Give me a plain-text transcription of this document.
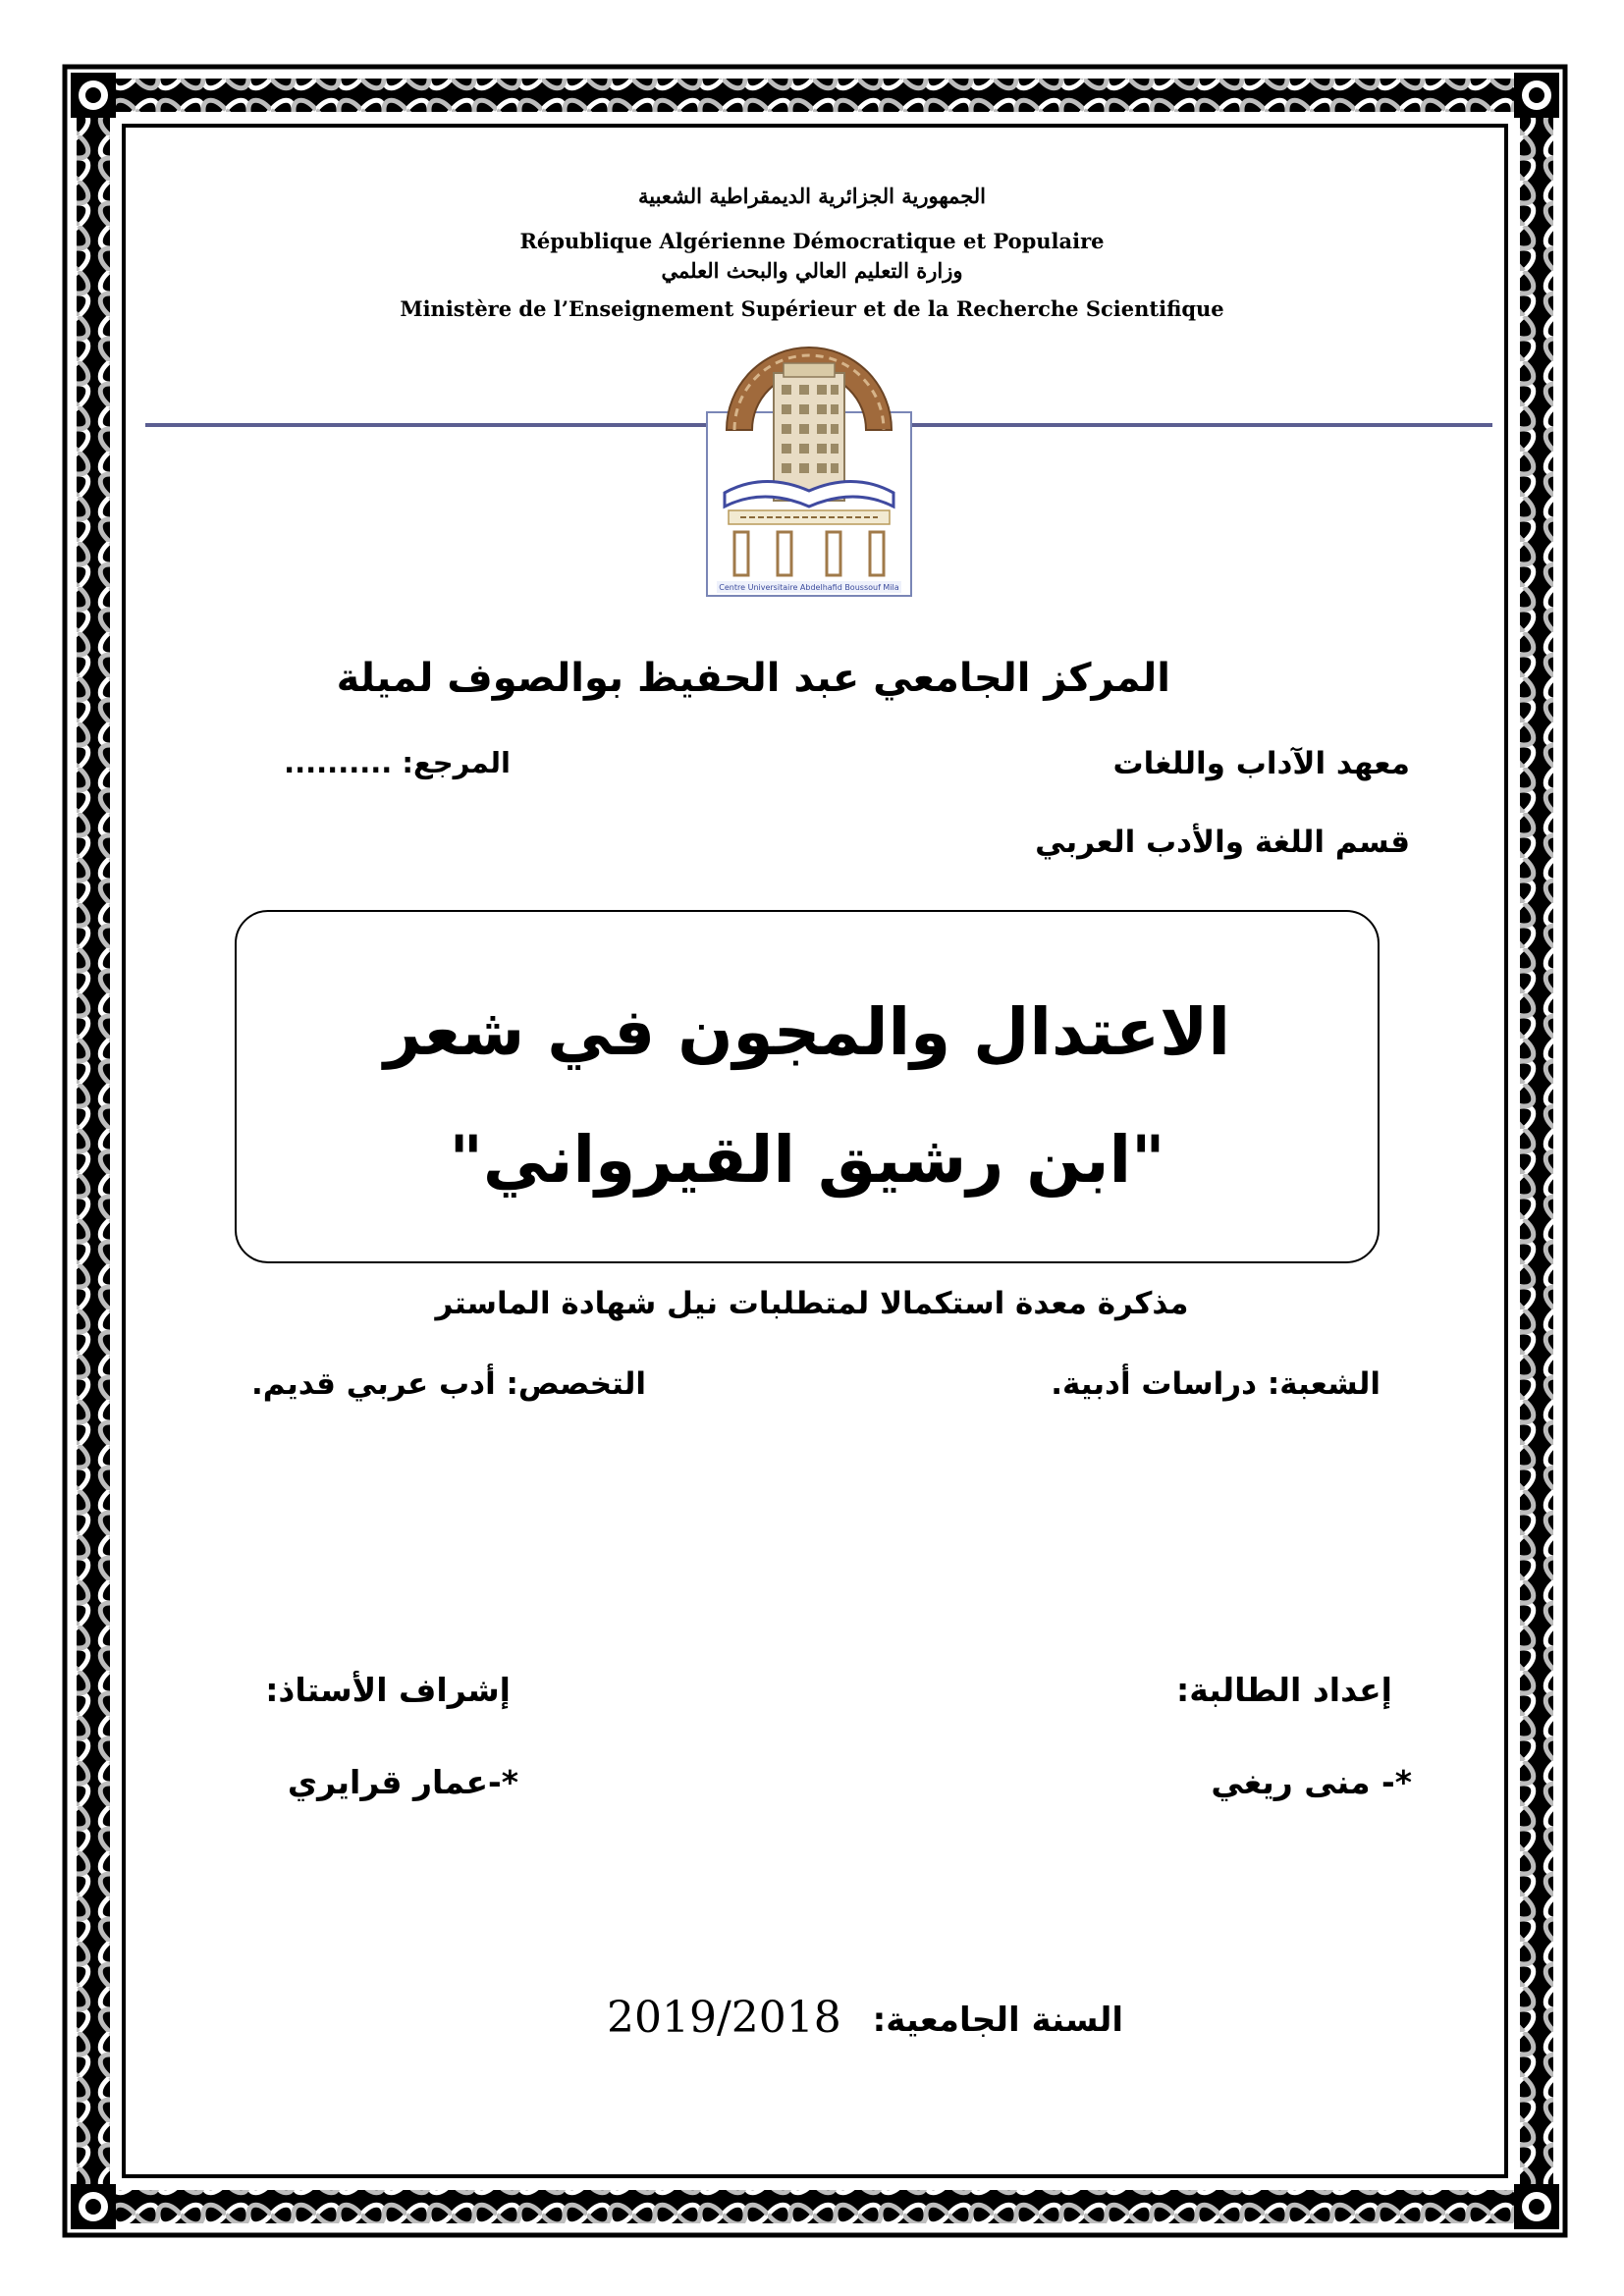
الجمهورية الجزائرية الديمقراطية الشعبية
République Algérienne Démocratique et Populaire
وزارة التعليم العالي والبحث العلمي
Ministère de l’Enseignement Supérieur et de la Recherche Scientifique
Centre Universitaire Abdelhafid Boussouf Mila
المركز الجامعي عبد الحفيظ بوالصوف لميلة
معهد الآداب واللغات
المرجع: ..........
قسم اللغة والأدب العربي
الاعتدال والمجون في شعر
"ابن رشيق القيرواني"
مذكرة معدة استكمالا لمتطلبات نيل شهادة الماستر
الشعبة: دراسات أدبية.
التخصص: أدب عربي قديم.
إعداد الطالبة:
إشراف الأستاذ:
*- منى ريغي
*-عمار قرايري
السنة الجامعية:
2019/2018
